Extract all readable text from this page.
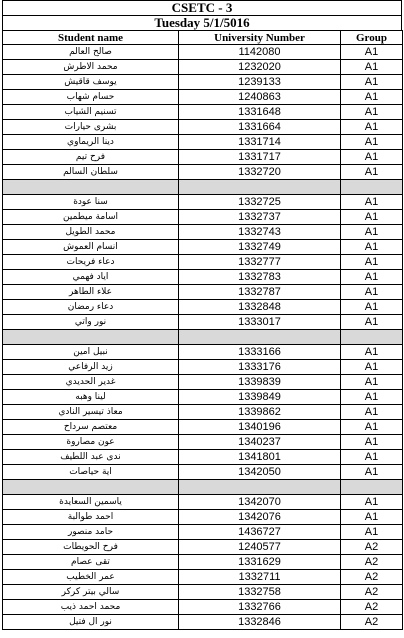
CSETC - 3
Tuesday 5/1/5016
Student name	University Number	Group
صالح العالم	1142080	A1
محمد الاطرش	1232020	A1
يوسف قاقيش	1239133	A1
حسام شهاب	1240863	A1
تسنيم الشياب	1331648	A1
بشرى حيارات	1331664	A1
دينا الريماوي	1331714	A1
فرح تيم	1331717	A1
سلطان السالم	1332720	A1

سنا عودة	1332725	A1
اسامة ميطمين	1332737	A1
محمد الطويل	1332743	A1
انسام العموش	1332749	A1
دعاء فريحات	1332777	A1
اياد فهمي	1332783	A1
علاء الطاهر	1332787	A1
دعاء رمضان	1332848	A1
نور واتي	1333017	A1

نبيل امين	1333166	A1
زيد الرفاعي	1333176	A1
غدير الحديدي	1339839	A1
لينا وهبه	1339849	A1
معاذ تيسير النادي	1339862	A1
معتصم سرداح	1340196	A1
عون مصاروة	1340237	A1
ندى عبد اللطيف	1341801	A1
اية حياصات	1342050	A1

ياسمين السعايدة	1342070	A1
احمد طوالبة	1342076	A1
حامد منصور	1436727	A1
فرح الحويطات	1240577	A2
تقى عصام	1331629	A2
عمر الخطيب	1332711	A2
سالي بيتر كركر	1332758	A2
محمد احمد ذيب	1332766	A2
نور ال فتيل	1332846	A2
